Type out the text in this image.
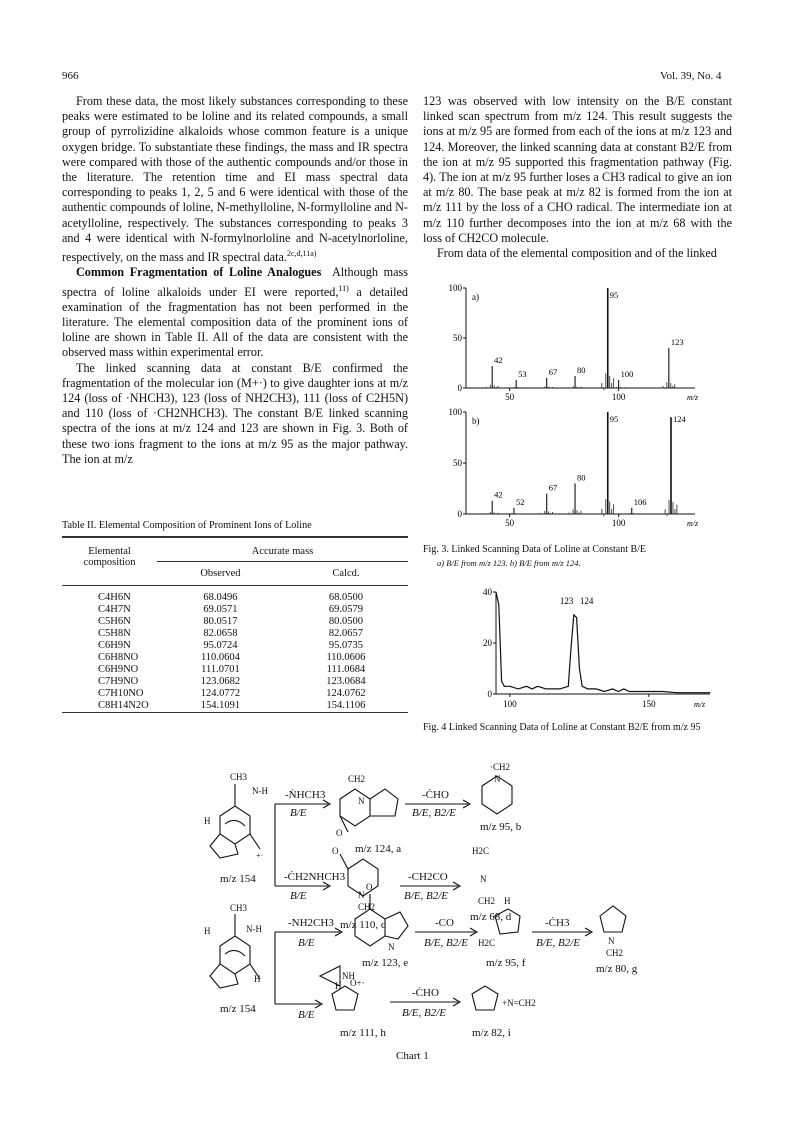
966	Vol. 39, No. 4

From these data, the most likely substances corresponding to these peaks were estimated to be loline and its related compounds, a small group of pyrrolizidine alkaloids whose common feature is a unique oxygen bridge. To substantiate these findings, the mass and IR spectra were compared with those of the authentic compounds and/or those in the literature. The retention time and EI mass spectral data corresponding to peaks 1, 2, 5 and 6 were identical with those of the authentic compounds of loline, N-methylloline, N-formylloline and N-acetylloline, respectively. The substances corresponding to peaks 3 and 4 were identical with N-formylnorloline and N-acetylnorloline, respectively, on the mass and IR spectral data.$^{2c,d,11a)}$

Common Fragmentation of Loline Analogues Although mass spectra of loline alkaloids under EI were reported,$^{11)}$ a detailed examination of the fragmentation has not been performed in the literature. The elemental composition data of the prominent ions of loline are shown in Table II. All of the data are consistent with the observed mass within experimental error.

The linked scanning data at constant B/E confirmed the fragmentation of the molecular ion (M+·) to give daughter ions at m/z 124 (loss of ·NHCH3), 123 (loss of NH2CH3), 111 (loss of C2H5N) and 110 (loss of ·CH2NHCH3). The constant B/E linked scanning spectra of the ions at m/z 124 and 123 are shown in Fig. 3. Both of these two ions fragment to the ions at m/z 95 as the major pathway. The ion at m/z

123 was observed with low intensity on the B/E constant linked scan spectrum from m/z 124. This result suggests the ions at m/z 95 are formed from each of the ions at m/z 123 and 124. Moreover, the linked scanning data at constant B2/E from the ion at m/z 95 supported this fragmentation pathway (Fig. 4). The ion at m/z 95 further loses a CH3 radical to give an ion at m/z 80. The base peak at m/z 82 is formed from the ion at m/z 111 by the loss of a CHO radical. The intermediate ion at m/z 110 further decomposes into the ion at m/z 68 with the loss of CH2CO molecule.

From data of the elemental composition and of the linked

Table II. Elemental Composition of Prominent Ions of Loline
Elemental composition	Accurate mass	
	Observed	Calcd.
C4H6N	68.0496	68.0500
C4H7N	69.0571	69.0579
C5H6N	80.0517	80.0500
C5H8N	82.0658	82.0657
C6H9N	95.0724	95.0735
C6H8NO	110.0604	110.0606
C6H9NO	111.0701	111.0684
C7H9NO	123.0682	123.0684
C7H10NO	124.0772	124.0762
C8H14N2O	154.1091	154.1106
0
50
100
50	100	m/z
a)
42
53	67 80
95
100
123
0
50
100
50	100	m/z
b)
42
52
67
80
95
106
124
Fig. 3. Linked Scanning Data of Loline at Constant B/E
a) B/E from m/z 123. b) B/E from m/z 124.
0
20
40
100	150	m/z
123 124
Fig. 4 Linked Scanning Data of Loline at Constant B2/E from m/z 95
CH3
N-H
H
+·
m/z 154
-ṄHCH3
B/E
CH2
N
O
m/z 124, a
-ĊHO
B/E, B2/E
·CH2
N
m/z 95, b
-ĊH2NHCH3
B/E
O
N
CH2
m/z 110, c
-CH2CO
B/E, B2/E
H2C
N
CH2
m/z 68, d
CH3
H	N-H
H
m/z 154
-NH2CH3
B/E
O
N
m/z 123, e
-CO
B/E, B2/E
H
H2C
m/z 95, f
-ĊH3
B/E, B2/E	N
CH2
m/z 80, g
NH
H O+·
B/E
m/z 111, h
-ĊHO
B/E, B2/E
+N=CH2
m/z 82, i
Chart 1
